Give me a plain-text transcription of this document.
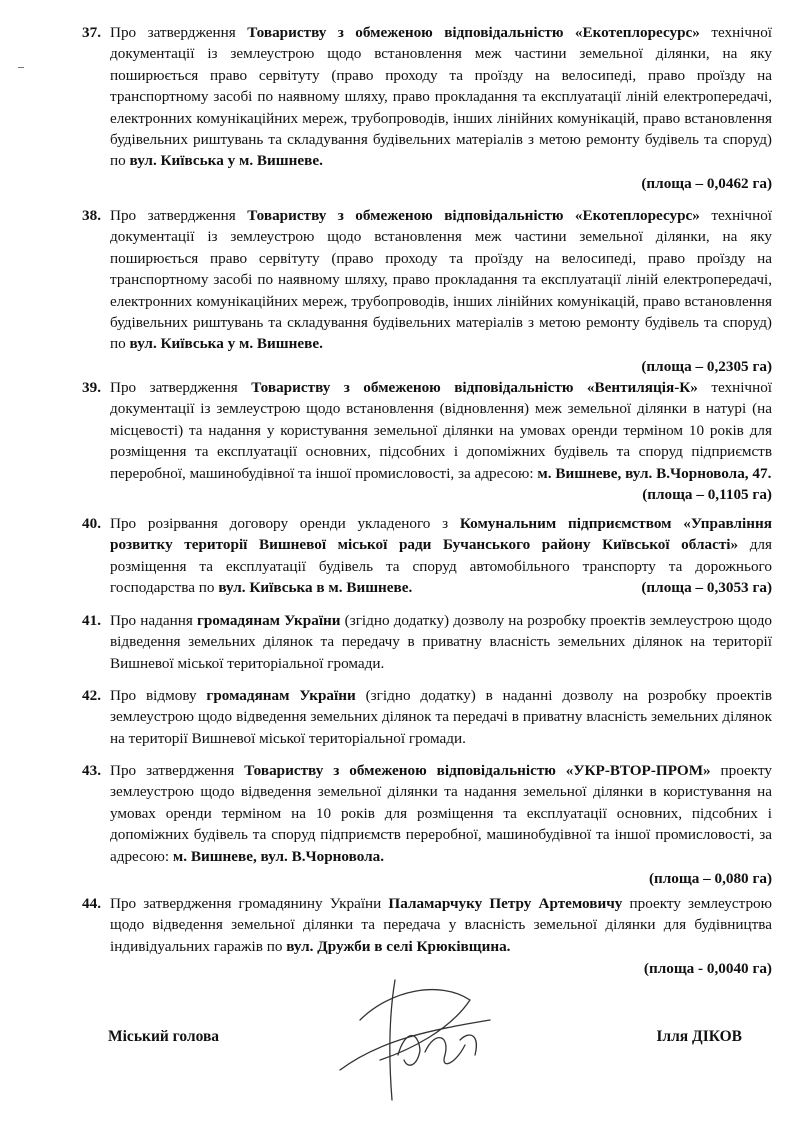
37. Про затвердження Товариству з обмеженою відповідальністю «Екотеплоресурс» технічної документації із землеустрою щодо встановлення меж частини земельної ділянки, на яку поширюється право сервітуту (право проходу та проїзду на велосипеді, право проїзду на транспортному засобі по наявному шляху, право прокладання та експлуатації ліній електропередачі, електронних комунікаційних мереж, трубопроводів, інших лінійних комунікацій, право встановлення будівельних риштувань та складування будівельних матеріалів з метою ремонту будівель та споруд) по вул. Київська у м. Вишневе.
(площа – 0,0462 га)
38. Про затвердження Товариству з обмеженою відповідальністю «Екотеплоресурс» технічної документації із землеустрою щодо встановлення меж частини земельної ділянки, на яку поширюється право сервітуту (право проходу та проїзду на велосипеді, право проїзду на транспортному засобі по наявному шляху, право прокладання та експлуатації ліній електропередачі, електронних комунікаційних мереж, трубопроводів, інших лінійних комунікацій, право встановлення будівельних риштувань та складування будівельних матеріалів з метою ремонту будівель та споруд) по вул. Київська у м. Вишневе.
(площа – 0,2305 га)
39. Про затвердження Товариству з обмеженою відповідальністю «Вентиляція-К» технічної документації із землеустрою щодо встановлення (відновлення) меж земельної ділянки в натурі (на місцевості) та надання у користування земельної ділянки на умовах оренди терміном 10 років для розміщення та експлуатації основних, підсобних і допоміжних будівель та споруд підприємств переробної, машинобудівної та іншої промисловості, за адресою: м. Вишневе, вул. В.Чорновола, 47.
(площа – 0,1105 га)
40. Про розірвання договору оренди укладеного з Комунальним підприємством «Управління розвитку території Вишневої міської ради Бучанського району Київської області» для розміщення та експлуатації будівель та споруд автомобільного транспорту та дорожнього господарства по вул. Київська в м. Вишневе.	(площа – 0,3053 га)
41. Про надання громадянам України (згідно додатку) дозволу на розробку проектів землеустрою щодо відведення земельних ділянок та передачу в приватну власність земельних ділянок на території Вишневої міської територіальної громади.
42. Про відмову громадянам України (згідно додатку) в наданні дозволу на розробку проектів землеустрою щодо відведення земельних ділянок та передачі в приватну власність земельних ділянок на території Вишневої міської територіальної громади.
43. Про затвердження Товариству з обмеженою відповідальністю «УКР-ВТОР-ПРОМ» проекту землеустрою щодо відведення земельної ділянки та надання земельної ділянки в користування на умовах оренди терміном на 10 років для розміщення та експлуатації основних, підсобних і допоміжних будівель та споруд підприємств переробної, машинобудівної та іншої промисловості, за адресою: м. Вишневе, вул. В.Чорновола.
(площа – 0,080 га)
44. Про затвердження громадянину України Паламарчуку Петру Артемовичу проекту землеустрою щодо відведення земельної ділянки та передача у власність земельної ділянки для будівництва індивідуальних гаражів по вул. Дружби в селі Крюківщина.
(площа - 0,0040 га)
Міський голова	Ілля ДІКОВ
